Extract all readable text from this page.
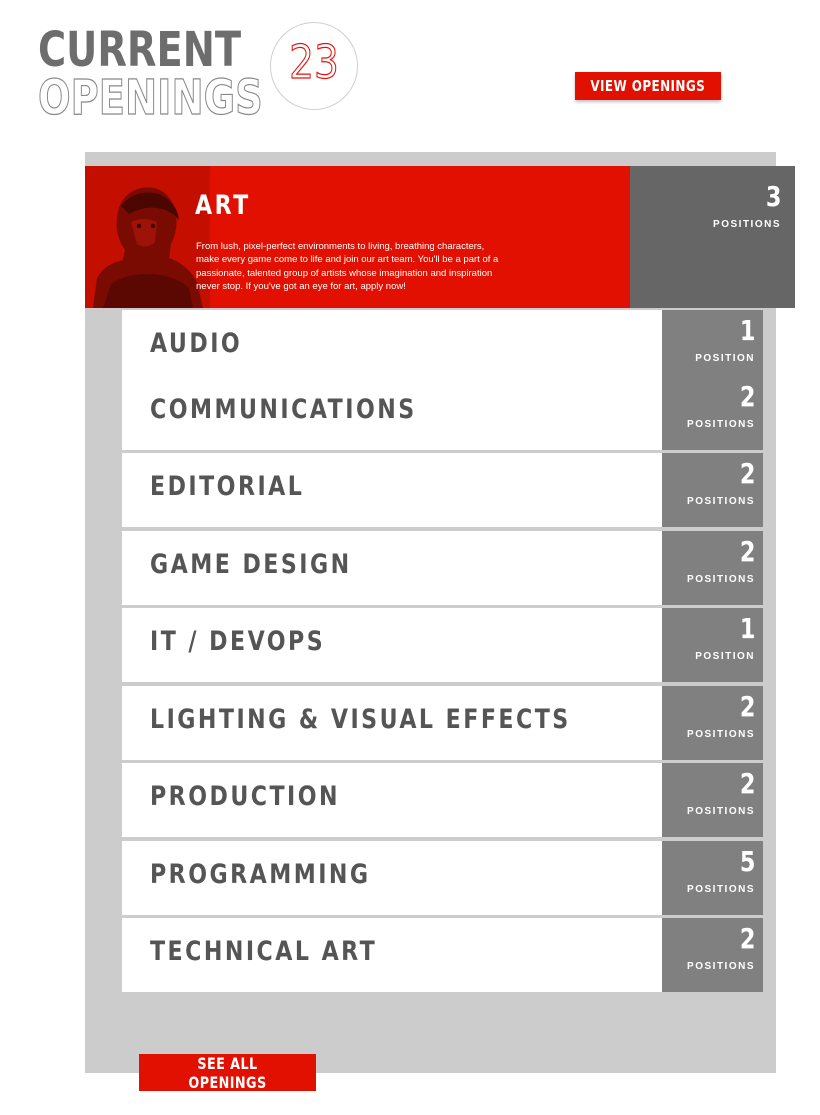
CURRENT
OPENINGS
23
ART
From lush, pixel-perfect environments to living, breathing characters, make every game come to life and join our art team. You'll be a part of a passionate, talented group of artists whose imagination and inspiration never stop. If you've got an eye for art, apply now!
3
POSITIONS
VIEW OPENINGS
AUDIO	1
POSITION
COMMUNICATIONS	2
POSITIONS
EDITORIAL	2
POSITIONS
GAME DESIGN	2
POSITIONS
IT / DEVOPS	1
POSITION
LIGHTING & VISUAL EFFECTS	2
POSITIONS
PRODUCTION	2
POSITIONS
PROGRAMMING	5
POSITIONS
TECHNICAL ART	2
POSITIONS
SEE ALL OPENINGS
